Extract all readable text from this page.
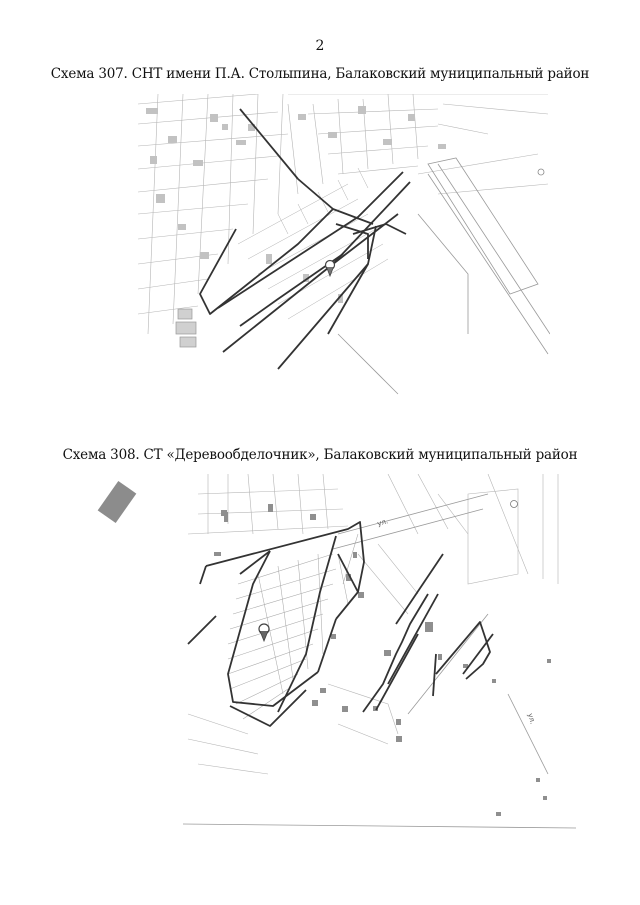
2
Схема 307. СНТ имени П.А. Столыпина, Балаковский муниципальный район
Схема 308. СТ «Деревообделочник», Балаковский муниципальный район
ул.
ул.
